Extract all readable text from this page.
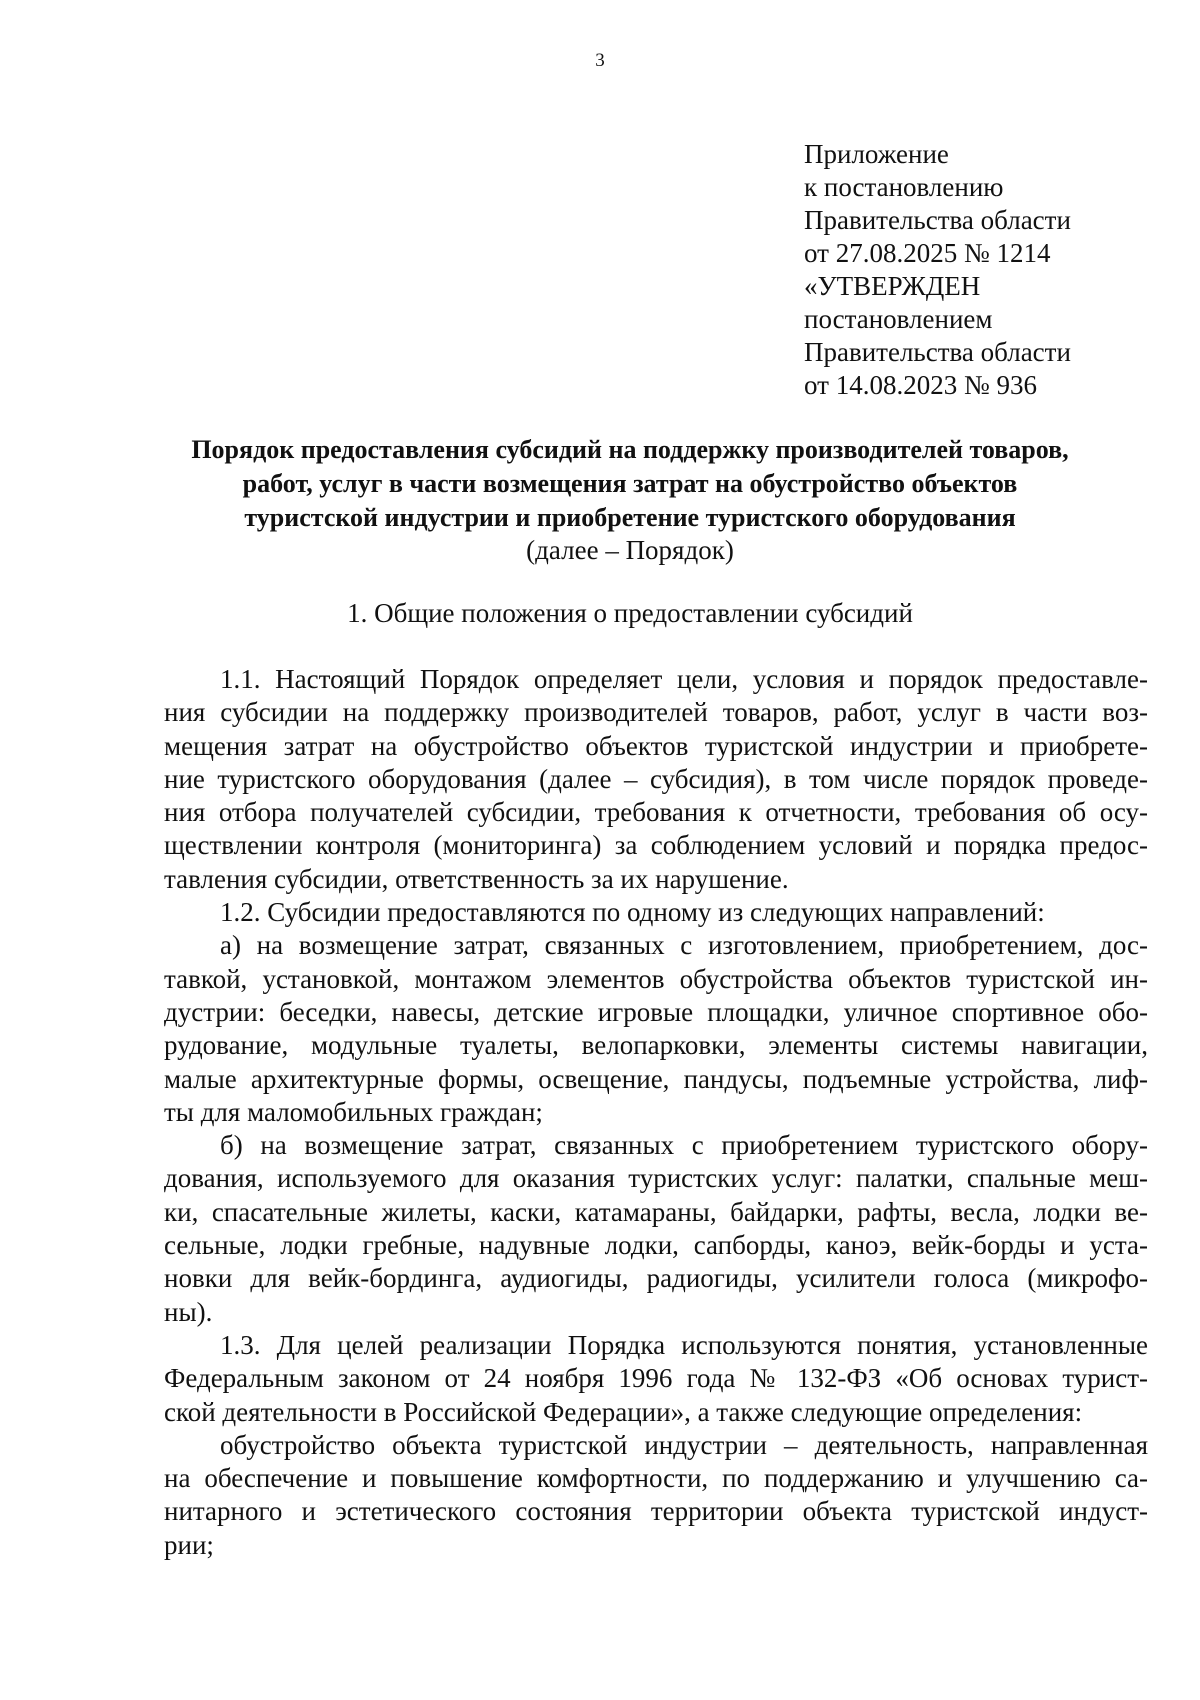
3
Приложение
к постановлению
Правительства области
от 27.08.2025 № 1214
«УТВЕРЖДЕН
постановлением
Правительства области
от 14.08.2023 № 936
Порядок предоставления субсидий на поддержку производителей товаров,
работ, услуг в части возмещения затрат на обустройство объектов
туристской индустрии и приобретение туристского оборудования
(далее – Порядок)
1. Общие положения о предоставлении субсидий
1.1. Настоящий Порядок определяет цели, условия и порядок предоставле-
ния субсидии на поддержку производителей товаров, работ, услуг в части воз-
мещения затрат на обустройство объектов туристской индустрии и приобрете-
ние туристского оборудования (далее – субсидия), в том числе порядок проведе-
ния отбора получателей субсидии, требования к отчетности, требования об осу-
ществлении контроля (мониторинга) за соблюдением условий и порядка предос-
тавления субсидии, ответственность за их нарушение.
1.2. Субсидии предоставляются по одному из следующих направлений:
а) на возмещение затрат, связанных с изготовлением, приобретением, дос-
тавкой, установкой, монтажом элементов обустройства объектов туристской ин-
дустрии: беседки, навесы, детские игровые площадки, уличное спортивное обо-
рудование, модульные туалеты, велопарковки, элементы системы навигации,
малые архитектурные формы, освещение, пандусы, подъемные устройства, лиф-
ты для маломобильных граждан;
б) на возмещение затрат, связанных с приобретением туристского обору-
дования, используемого для оказания туристских услуг: палатки, спальные меш-
ки, спасательные жилеты, каски, катамараны, байдарки, рафты, весла, лодки ве-
сельные, лодки гребные, надувные лодки, сапборды, каноэ, вейк-борды и уста-
новки для вейк-бординга, аудиогиды, радиогиды, усилители голоса (микрофо-
ны).
1.3. Для целей реализации Порядка используются понятия, установленные
Федеральным законом от 24 ноября 1996 года № 132-ФЗ «Об основах турист-
ской деятельности в Российской Федерации», а также следующие определения:
обустройство объекта туристской индустрии – деятельность, направленная
на обеспечение и повышение комфортности, по поддержанию и улучшению са-
нитарного и эстетического состояния территории объекта туристской индуст-
рии;
